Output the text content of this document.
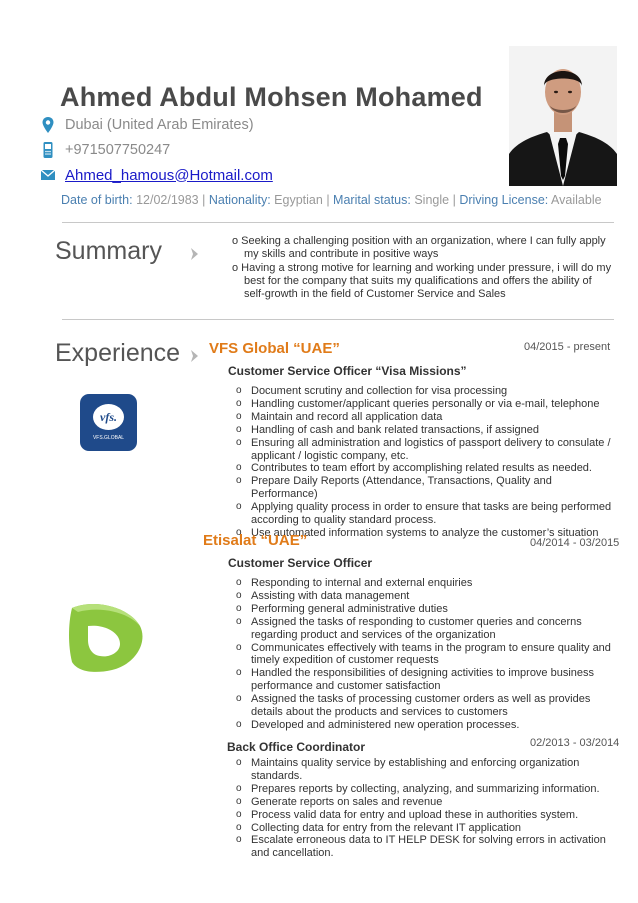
Ahmed Abdul Mohsen Mohamed
Dubai (United Arab Emirates)
+971507750247
Ahmed_hamous@Hotmail.com
Date of birth: 12/02/1983 | Nationality: Egyptian | Marital status: Single | Driving License: Available
Summary	o Seeking a challenging position with an organization, where I can fully apply my skills and contribute in positive ways
o Having a strong motive for learning and working under pressure, i will do my best for the company that suits my qualifications and offers the ability of self-growth in the field of Customer Service and Sales
Experience VFS Global “UAE”	04/2015 - present
Customer Service Officer “Visa Missions”
vfs.
VFS.GLOBAL
o Document scrutiny and collection for visa processing
o Handling customer/applicant queries personally or via e-mail, telephone
o Maintain and record all application data
o Handling of cash and bank related transactions, if assigned
o Ensuring all administration and logistics of passport delivery to consulate / applicant / logistic company, etc.
o Contributes to team effort by accomplishing related results as needed.
o Prepare Daily Reports (Attendance, Transactions, Quality and Performance)
o Applying quality process in order to ensure that tasks are being performed according to quality standard process.
o Use automated information systems to analyze the customer’s situation
Etisalat “UAE”	04/2014 - 03/2015
Customer Service Officer
o Responding to internal and external enquiries
o Assisting with data management
o Performing general administrative duties
o Assigned the tasks of responding to customer queries and concerns regarding product and services of the organization
o Communicates effectively with teams in the program to ensure quality and timely expedition of customer requests
o Handled the responsibilities of designing activities to improve business performance and customer satisfaction
o Assigned the tasks of processing customer orders as well as provides details about the products and services to customers
o Developed and administered new operation processes.
Back Office Coordinator	02/2013 - 03/2014
o Maintains quality service by establishing and enforcing organization standards.
o Prepares reports by collecting, analyzing, and summarizing information.
o Generate reports on sales and revenue
o Process valid data for entry and upload these in authorities system.
o Collecting data for entry from the relevant IT application
o Escalate erroneous data to IT HELP DESK for solving errors in activation and cancellation.
